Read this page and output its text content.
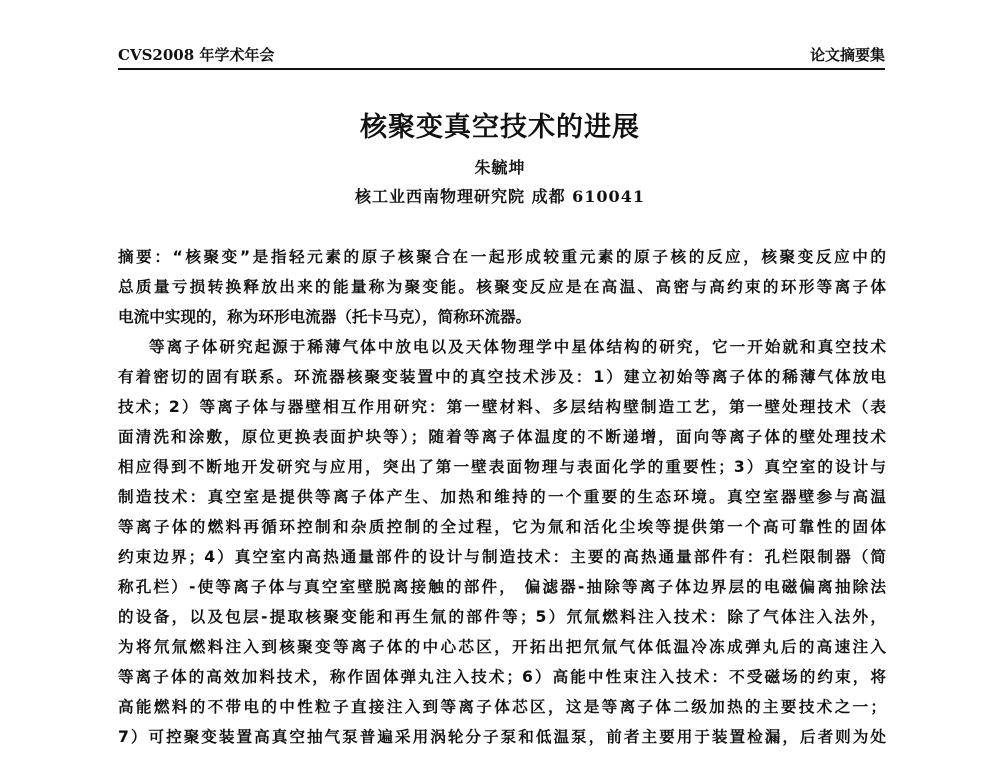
CVS2008 年学术年会	论文摘要集
核聚变真空技术的进展
朱毓坤
核工业西南物理研究院 成都 610041
摘要：“核聚变”是指轻元素的原子核聚合在一起形成较重元素的原子核的反应，核聚变反应中的
总质量亏损转换释放出来的能量称为聚变能。核聚变反应是在高温、高密与高约束的环形等离子体
电流中实现的，称为环形电流器（托卡马克），简称环流器。
等离子体研究起源于稀薄气体中放电以及天体物理学中星体结构的研究，它一开始就和真空技术
有着密切的固有联系。环流器核聚变装置中的真空技术涉及：1）建立初始等离子体的稀薄气体放电
技术；2）等离子体与器壁相互作用研究：第一壁材料、多层结构壁制造工艺，第一壁处理技术（表
面清洗和涂敷，原位更换表面护块等）；随着等离子体温度的不断递增，面向等离子体的壁处理技术
相应得到不断地开发研究与应用，突出了第一壁表面物理与表面化学的重要性；3）真空室的设计与
制造技术：真空室是提供等离子体产生、加热和维持的一个重要的生态环境。真空室器壁参与高温
等离子体的燃料再循环控制和杂质控制的全过程，它为氚和活化尘埃等提供第一个高可靠性的固体
约束边界；4）真空室内高热通量部件的设计与制造技术：主要的高热通量部件有：孔栏限制器（简
称孔栏）-使等离子体与真空室壁脱离接触的部件， 偏滤器-抽除等离子体边界层的电磁偏离抽除法
的设备，以及包层-提取核聚变能和再生氚的部件等；5）氘氚燃料注入技术：除了气体注入法外，
为将氘氚燃料注入到核聚变等离子体的中心芯区，开拓出把氘氚气体低温冷冻成弹丸后的高速注入
等离子体的高效加料技术，称作固体弹丸注入技术；6）高能中性束注入技术：不受磁场的约束，将
高能燃料的不带电的中性粒子直接注入到等离子体芯区，这是等离子体二级加热的主要技术之一；
7）可控聚变装置高真空抽气泵普遍采用涡轮分子泵和低温泵，前者主要用于装置检漏，后者则为处
